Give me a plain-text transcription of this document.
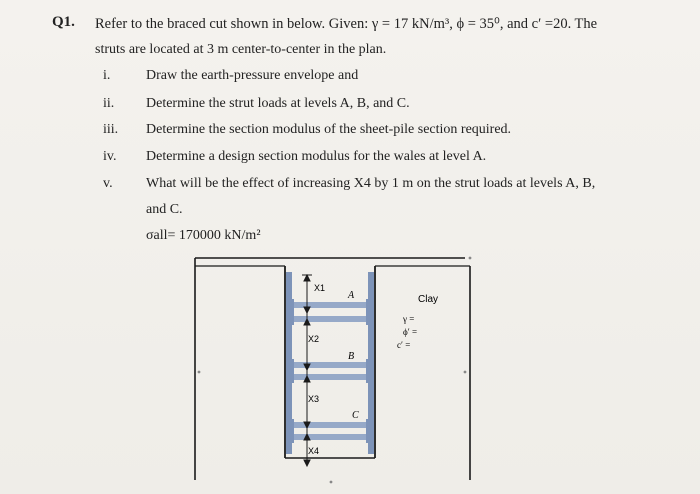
Q1. Refer to the braced cut shown in below. Given: γ = 17 kN/m³, ϕ = 35⁰, and c′ =20. The
struts are located at 3 m center-to-center in the plan.
i.	Draw the earth-pressure envelope and
ii. Determine the strut loads at levels A, B, and C.
iii. Determine the section modulus of the sheet-pile section required.
iv. Determine a design section modulus for the wales at level A.
v. What will be the effect of increasing X4 by 1 m on the strut loads at levels A, B,
and C.
σall= 170000 kN/m²
X1
X2
X3
X4
A
B
C
Clay
γ =
ϕ′ =
c′ =
